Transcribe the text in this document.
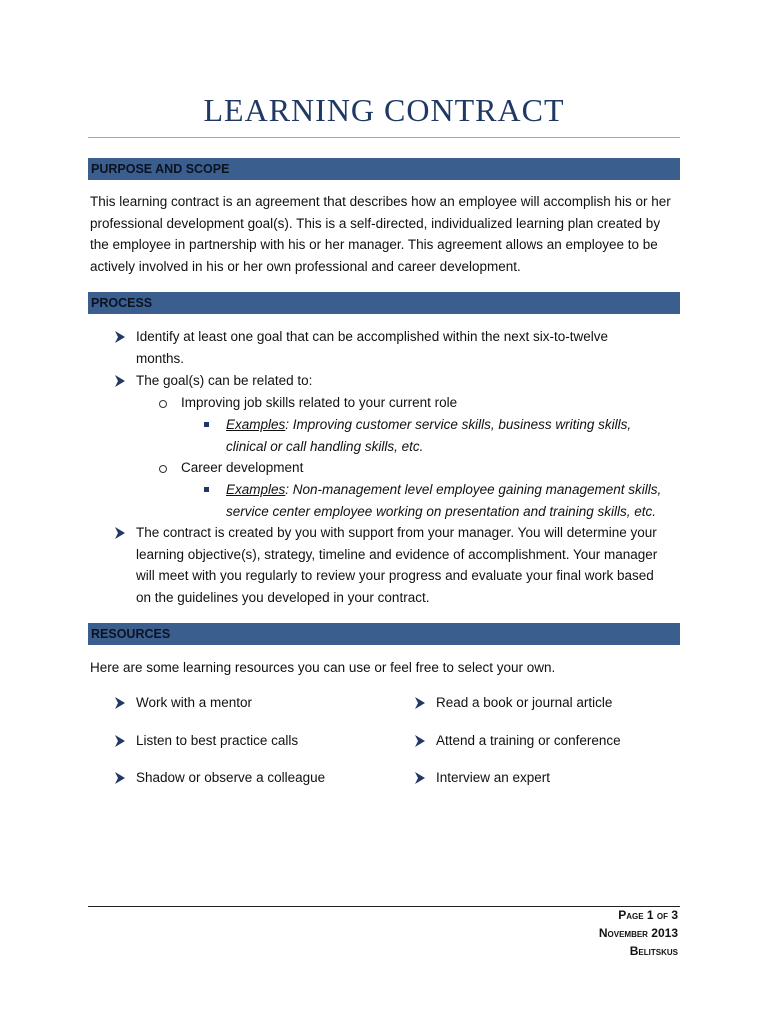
LEARNING CONTRACT
PURPOSE AND SCOPE
This learning contract is an agreement that describes how an employee will accomplish his or her professional development goal(s). This is a self-directed, individualized learning plan created by the employee in partnership with his or her manager. This agreement allows an employee to be actively involved in his or her own professional and career development.
PROCESS
Identify at least one goal that can be accomplished within the next six-to-twelve months.
The goal(s) can be related to:
Improving job skills related to your current role
Examples: Improving customer service skills, business writing skills, clinical or call handling skills, etc.
Career development
Examples: Non-management level employee gaining management skills, service center employee working on presentation and training skills, etc.
The contract is created by you with support from your manager. You will determine your learning objective(s), strategy, timeline and evidence of accomplishment. Your manager will meet with you regularly to review your progress and evaluate your final work based on the guidelines you developed in your contract.
RESOURCES
Here are some learning resources you can use or feel free to select your own.
Work with a mentor
Listen to best practice calls
Shadow or observe a colleague
Read a book or journal article
Attend a training or conference
Interview an expert
Page 1 of 3
November 2013
Belitskus
